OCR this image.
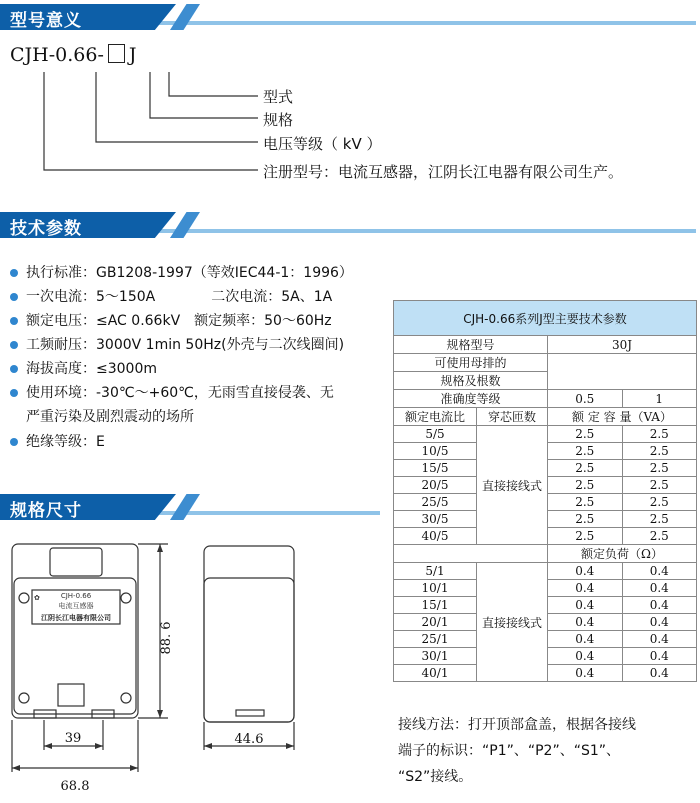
型号意义
CJH-0.66- J
型式
规格
电压等级（ kV ）
注册型号：电流互感器，江阴长江电器有限公司生产。
技术参数
执行标准：GB1208-1997（等效IEC44-1：1996）
一次电流：5～150A　　　　二次电流：5A、1A
额定电压：≤AC 0.66kV　额定频率：50～60Hz
工频耐压：3000V 1min 50Hz(外壳与二次线圈间)
海拔高度：≤3000m
使用环境：-30℃～+60℃，无雨雪直接侵袭、无
严重污染及剧烈震动的场所
绝缘等级：E
规格尺寸
✿	CJH-0.66
电流互感器
江阴长江电器有限公司
88. 6
39
68.8
44.6
CJH-0.66系列J型主要技术参数			
规格型号		30J	
可使用母排的			
规格及根数			
准确度等级		0.5	1
额定电流比	穿芯匝数	额 定 容 量（VA）	
5/5	直接接线式	2.5	2.5
10/5		2.5	2.5
15/5		2.5	2.5
20/5		2.5	2.5
25/5		2.5	2.5
30/5		2.5	2.5
40/5		2.5	2.5
		额定负荷（Ω）	
5/1	直接接线式	0.4	0.4
10/1		0.4	0.4
15/1		0.4	0.4
20/1		0.4	0.4
25/1		0.4	0.4
30/1		0.4	0.4
40/1		0.4	0.4
接线方法：打开顶部盒盖，根据各接线
端子的标识：“P1”、“P2”、“S1”、
“S2”接线。
